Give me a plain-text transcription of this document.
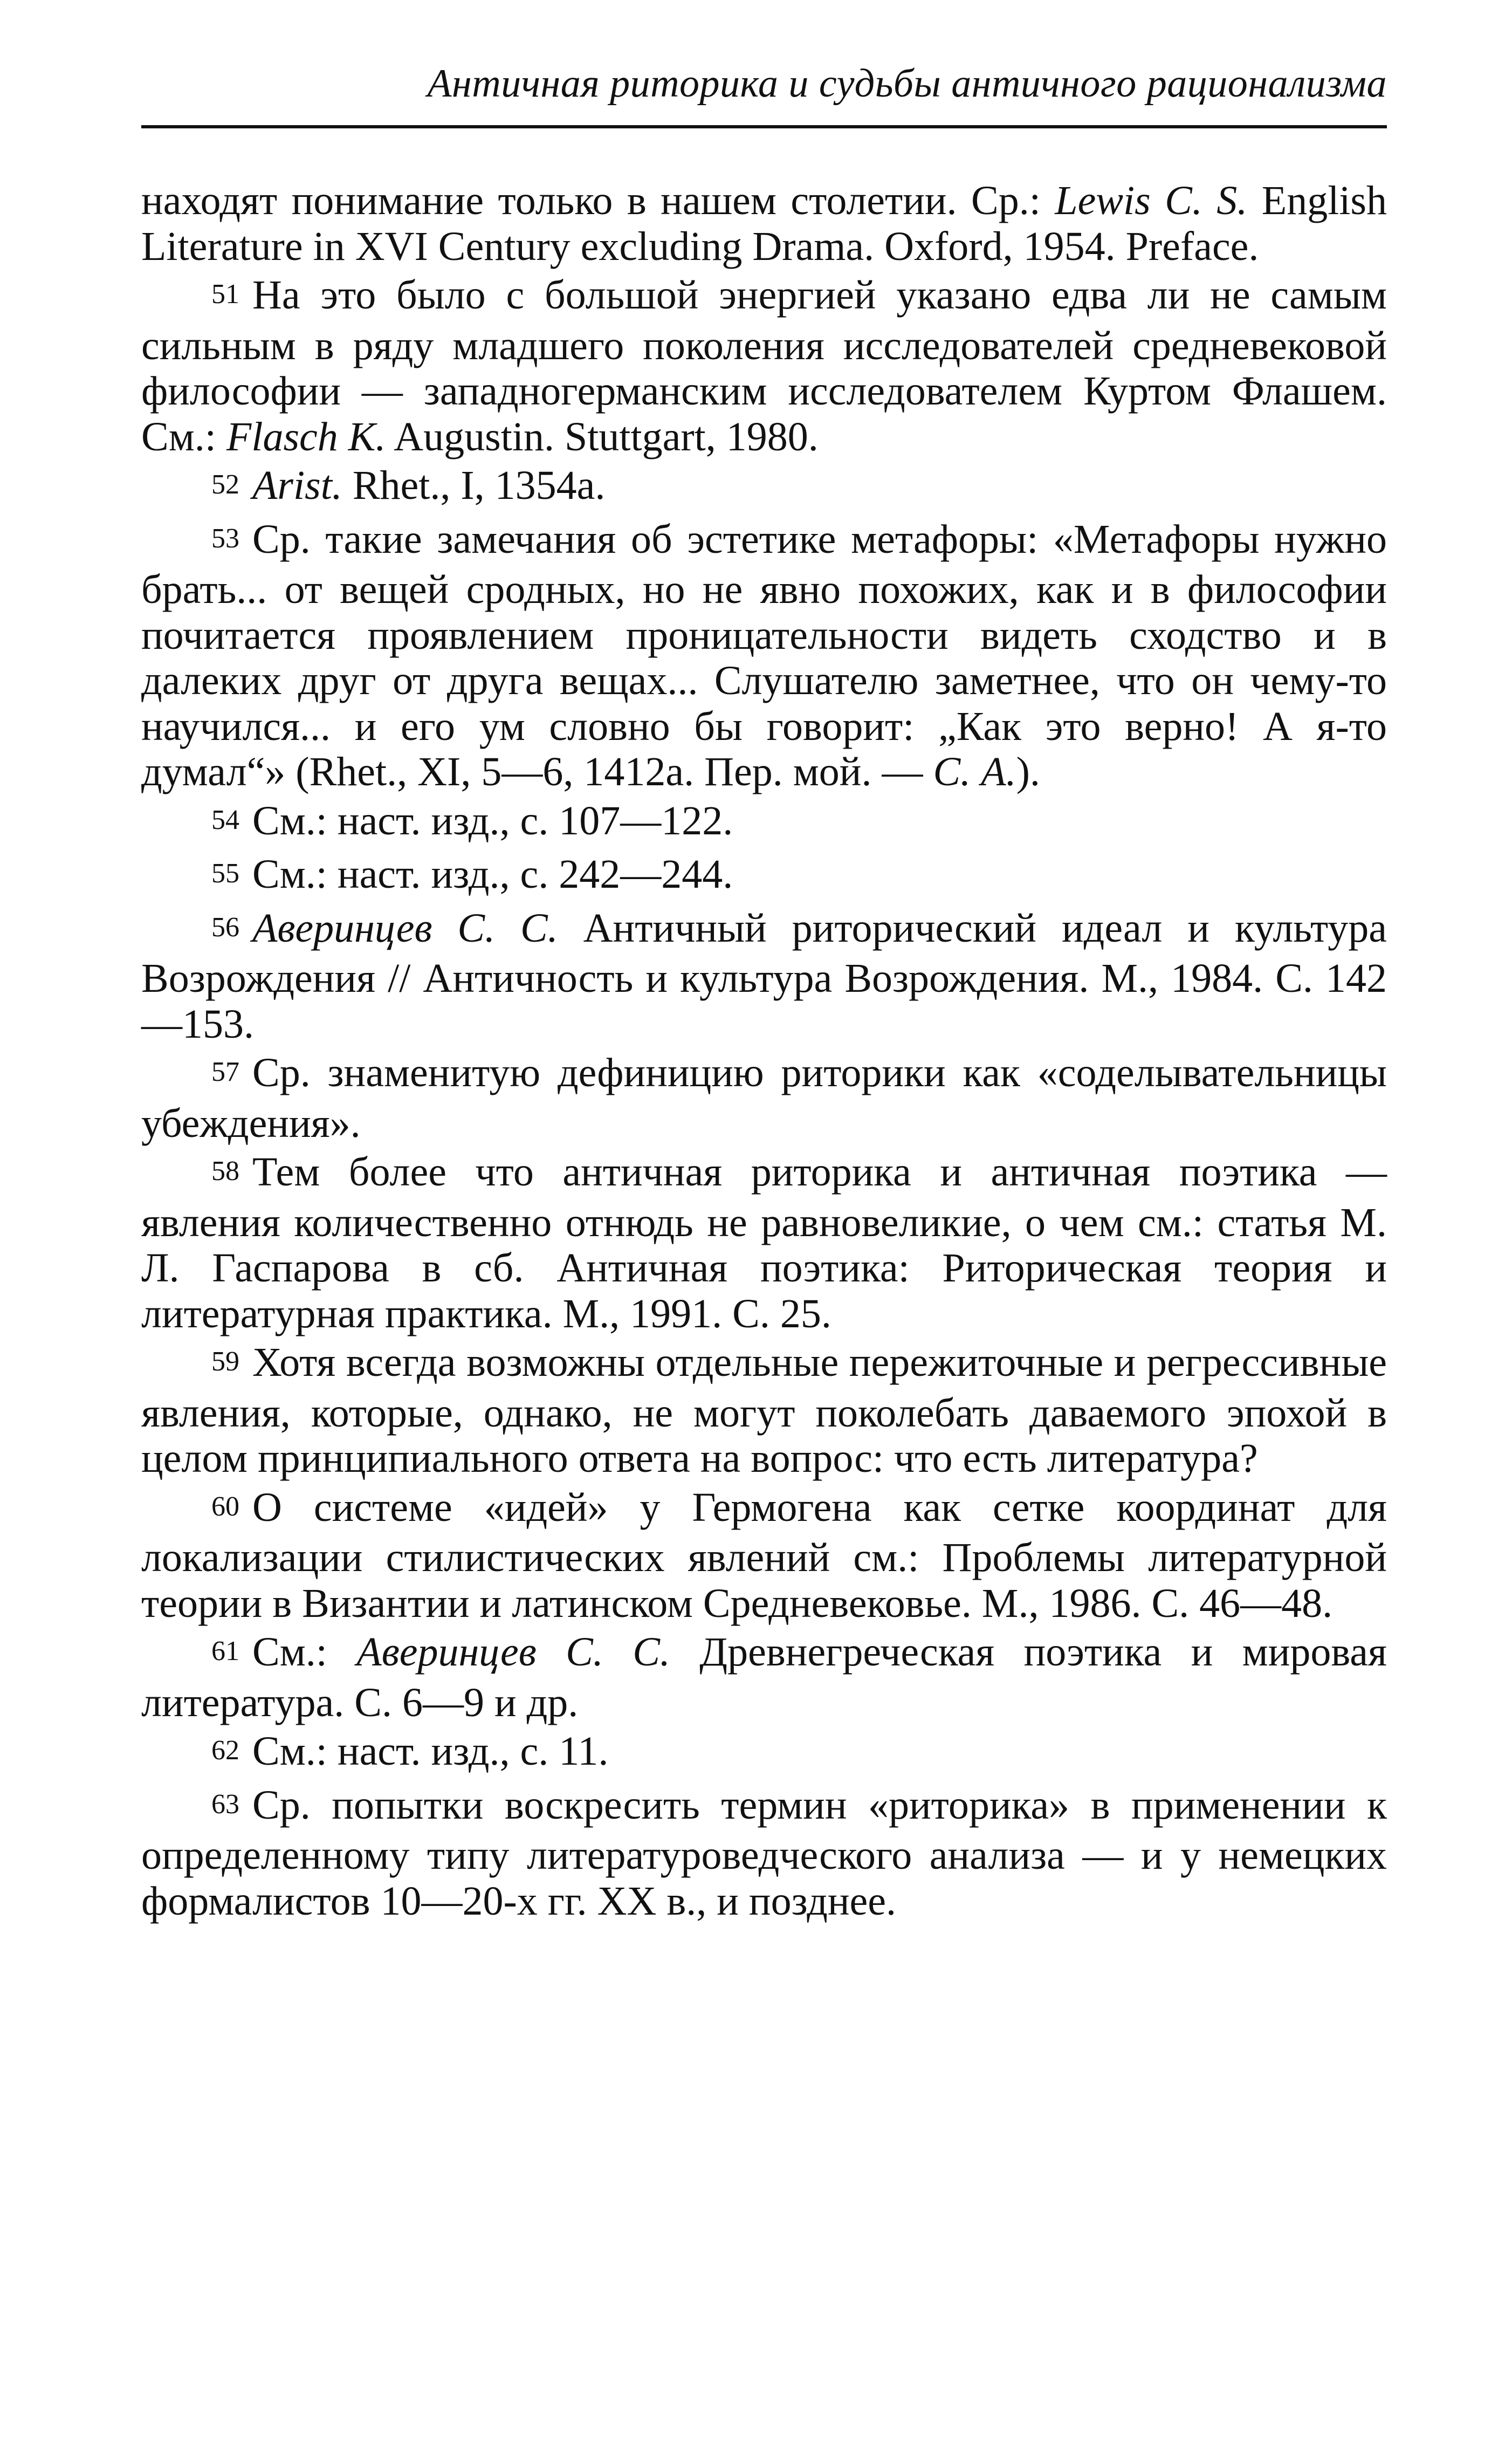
Античная риторика и судьбы античного рационализма

находят понимание только в нашем столетии. Ср.: Lewis C. S. English Literature in XVI Century excluding Drama. Oxford, 1954. Preface.

51 На это было с большой энергией указано едва ли не самым сильным в ряду младшего поколения исследователей средневековой философии — западногерманским исследователем Куртом Флашем. См.: Flasch K. Augustin. Stuttgart, 1980.

52 Arist. Rhet., I, 1354a.

53 Ср. такие замечания об эстетике метафоры: «Метафоры нужно брать... от вещей сродных, но не явно похожих, как и в философии почитается проявлением проницательности видеть сходство и в далеких друг от друга вещах... Слушателю заметнее, что он чему-то научился... и его ум словно бы говорит: „Как это верно! А я-то думал“» (Rhet., XI, 5—6, 1412a. Пер. мой. — С. А.).

54 См.: наст. изд., с. 107—122.

55 См.: наст. изд., с. 242—244.

56 Аверинцев С. С. Античный риторический идеал и культура Возрождения // Античность и культура Возрождения. М., 1984. С. 142—153.

57 Ср. знаменитую дефиницию риторики как «соделывательницы убеждения».

58 Тем более что античная риторика и античная поэтика — явления количественно отнюдь не равновеликие, о чем см.: статья М. Л. Гаспарова в сб. Античная поэтика: Риторическая теория и литературная практика. М., 1991. С. 25.

59 Хотя всегда возможны отдельные пережиточные и регрессивные явления, которые, однако, не могут поколебать даваемого эпохой в целом принципиального ответа на вопрос: что есть литература?

60 О системе «идей» у Гермогена как сетке координат для локализации стилистических явлений см.: Проблемы литературной теории в Византии и латинском Средневековье. М., 1986. С. 46—48.

61 См.: Аверинцев С. С. Древнегреческая поэтика и мировая литература. С. 6—9 и др.

62 См.: наст. изд., с. 11.

63 Ср. попытки воскресить термин «риторика» в применении к определенному типу литературоведческого анализа — и у немецких формалистов 10—20-х гг. XX в., и позднее.
